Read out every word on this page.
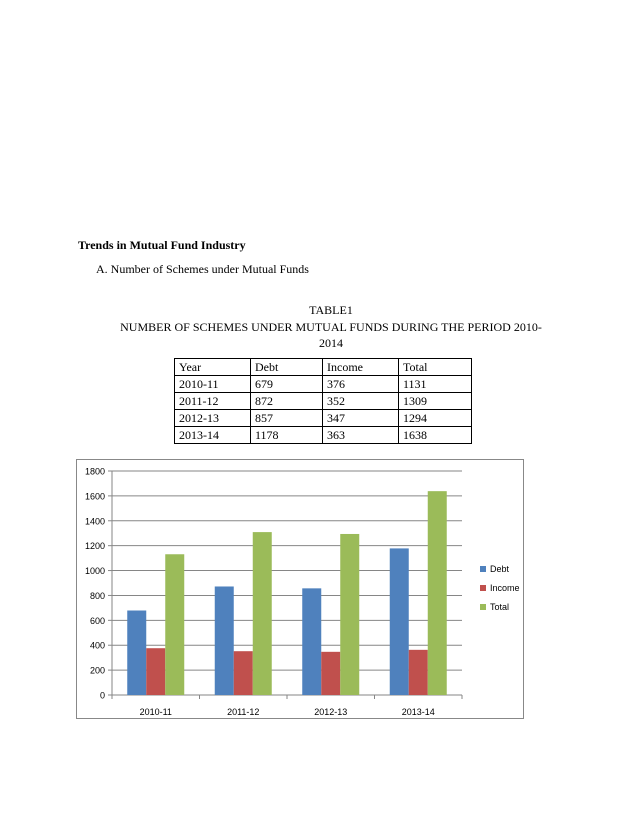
Trends in Mutual Fund Industry
A. Number of Schemes under Mutual Funds
TABLE1
NUMBER OF SCHEMES UNDER MUTUAL FUNDS DURING THE PERIOD 2010-
2014
Year	Debt	Income	Total
2010-11	679	376	1131
2011-12	872	352	1309
2012-13	857	347	1294
2013-14	1178	363	1638
0
200
400
600
800
1000
1200
1400
1600
1800
2010-11	2011-12	2012-13	2013-14
Debt
Income
Total
